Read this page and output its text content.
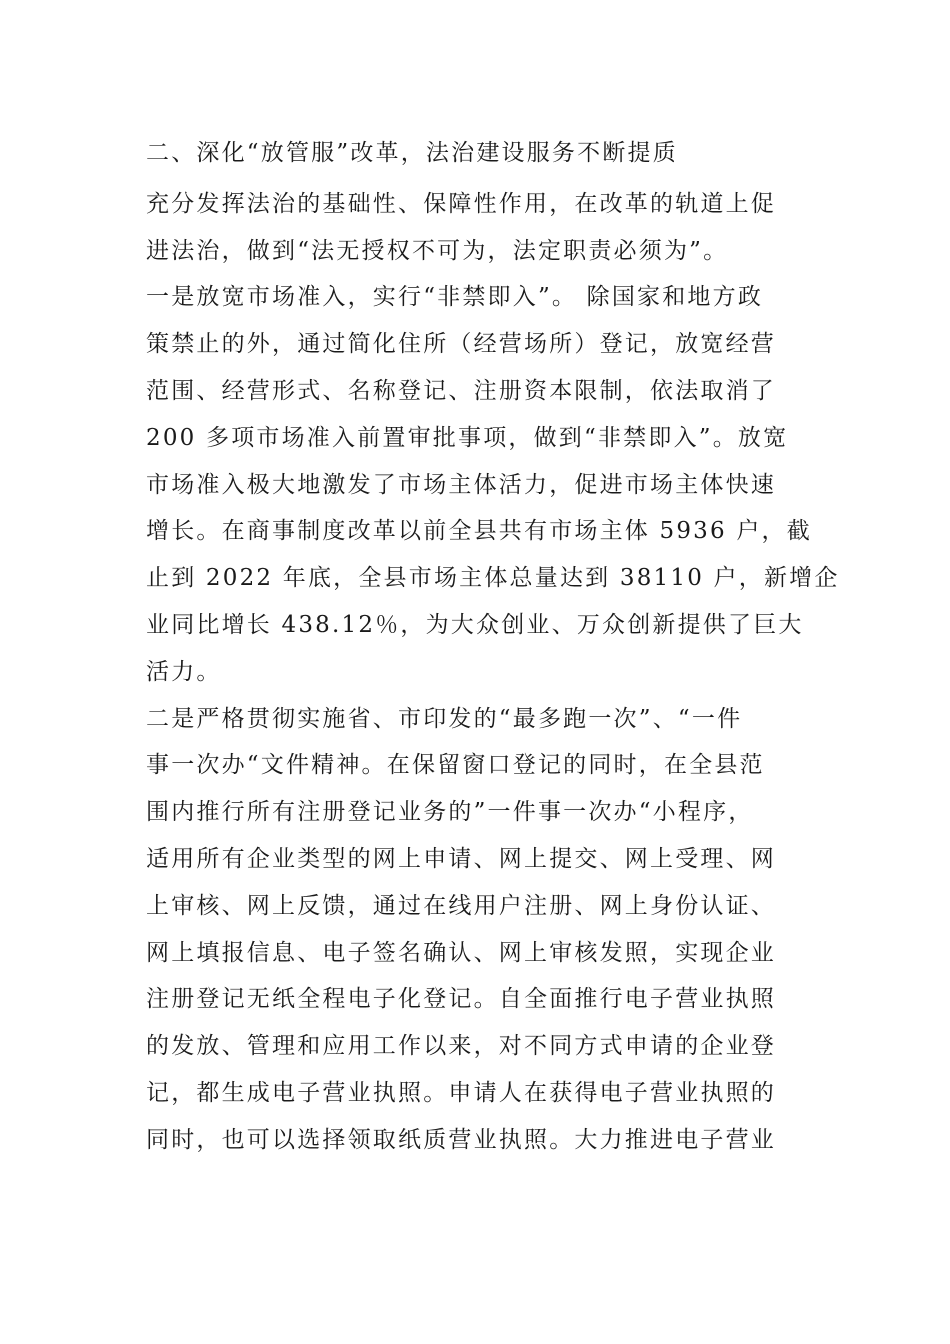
二、深化“放管服”改革，法治建设服务不断提质
充分发挥法治的基础性、保障性作用，在改革的轨道上促
进法治，做到“法无授权不可为，法定职责必须为”。
一是放宽市场准入，实行“非禁即入”。 除国家和地方政
策禁止的外，通过简化住所（经营场所）登记，放宽经营
范围、经营形式、名称登记、注册资本限制，依法取消了
200 多项市场准入前置审批事项，做到“非禁即入”。放宽
市场准入极大地激发了市场主体活力，促进市场主体快速
增长。在商事制度改革以前全县共有市场主体 5936 户，截
止到 2022 年底，全县市场主体总量达到 38110 户，新增企
业同比增长 438.12％，为大众创业、万众创新提供了巨大
活力。
二是严格贯彻实施省、市印发的“最多跑一次”、“一件
事一次办“文件精神。在保留窗口登记的同时，在全县范
围内推行所有注册登记业务的”一件事一次办“小程序，
适用所有企业类型的网上申请、网上提交、网上受理、网
上审核、网上反馈，通过在线用户注册、网上身份认证、
网上填报信息、电子签名确认、网上审核发照，实现企业
注册登记无纸全程电子化登记。自全面推行电子营业执照
的发放、管理和应用工作以来，对不同方式申请的企业登
记，都生成电子营业执照。申请人在获得电子营业执照的
同时，也可以选择领取纸质营业执照。大力推进电子营业
